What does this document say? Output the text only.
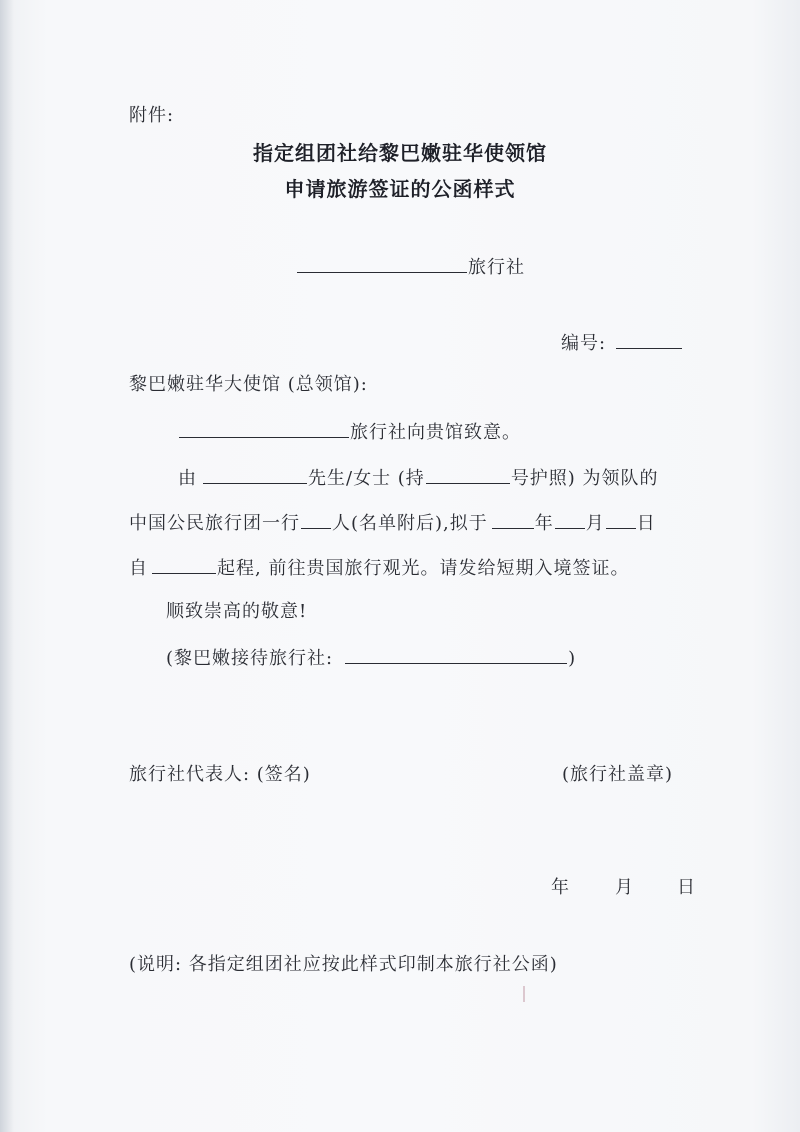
附件:
指定组团社给黎巴嫩驻华使领馆
申请旅游签证的公函样式
旅行社
编号:
黎巴嫩驻华大使馆 (总领馆):
旅行社向贵馆致意。
由	先生/女士 (持	号护照) 为领队的
中国公民旅行团一行 人(名单附后),拟于	年 月 日
自	起程, 前往贵国旅行观光。请发给短期入境签证。
顺致崇高的敬意!
(黎巴嫩接待旅行社:	)
旅行社代表人: (签名)	(旅行社盖章)
年	月 日
(说明: 各指定组团社应按此样式印制本旅行社公函)
